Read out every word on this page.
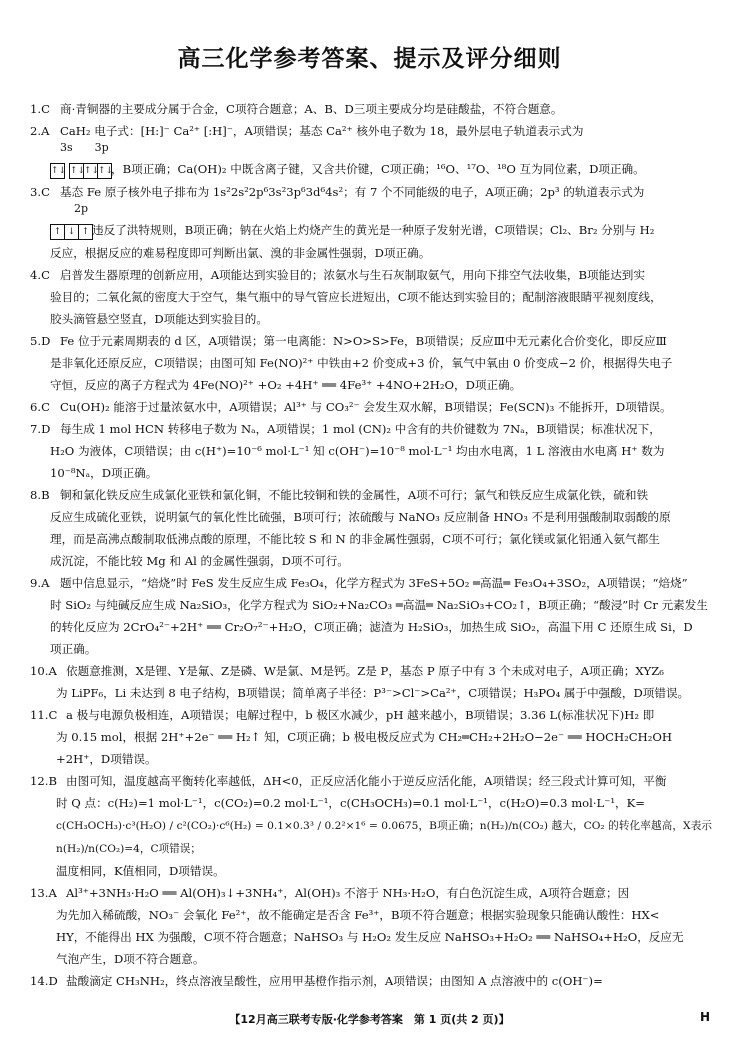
高三化学参考答案、提示及评分细则

1.C 商·青铜器的主要成分属于合金，C项符合题意；A、B、D三项主要成分均是硅酸盐，不符合题意。

2.A CaH₂ 电子式：[H:]⁻ Ca²⁺ [:H]⁻，A项错误；基态 Ca²⁺ 核外电子数为 18，最外层电子轨道表示式为
3s　　3p
↑↓ ↑↓↑↓↑↓，B项正确；Ca(OH)₂ 中既含离子键，又含共价键，C项正确；¹⁶O、¹⁷O、¹⁸O 互为同位素，D项正确。

3.C 基态 Fe 原子核外电子排布为 1s²2s²2p⁶3s²3p⁶3d⁶4s²；有 7 个不同能级的电子，A项正确；2p³ 的轨道表示式为
2p
↑ ↓ ↑ 违反了洪特规则，B项正确；钠在火焰上灼烧产生的黄光是一种原子发射光谱，C项错误；Cl₂、Br₂ 分别与 H₂
反应，根据反应的难易程度即可判断出氯、溴的非金属性强弱，D项正确。

4.C 启普发生器原理的创新应用，A项能达到实验目的；浓氨水与生石灰制取氨气，用向下排空气法收集，B项能达到实
验目的；二氧化氮的密度大于空气，集气瓶中的导气管应长进短出，C项不能达到实验目的；配制溶液眼睛平视刻度线，
胶头滴管悬空竖直，D项能达到实验目的。

5.D Fe 位于元素周期表的 d 区，A项错误；第一电离能：N>O>S>Fe，B项错误；反应Ⅲ中无元素化合价变化，即反应Ⅲ
是非氧化还原反应，C项错误；由图可知 Fe(NO)²⁺ 中铁由+2 价变成+3 价，氧气中氧由 0 价变成−2 价，根据得失电子
守恒，反应的离子方程式为 4Fe(NO)²⁺ +O₂ +4H⁺ ══ 4Fe³⁺ +4NO+2H₂O，D项正确。

6.C Cu(OH)₂ 能溶于过量浓氨水中，A项错误；Al³⁺ 与 CO₃²⁻ 会发生双水解，B项错误；Fe(SCN)₃ 不能拆开，D项错误。

7.D 每生成 1 mol HCN 转移电子数为 Nₐ，A项错误；1 mol (CN)₂ 中含有的共价键数为 7Nₐ，B项错误；标准状况下，
H₂O 为液体，C项错误；由 c(H⁺)=10⁻⁶ mol·L⁻¹ 知 c(OH⁻)=10⁻⁸ mol·L⁻¹ 均由水电离，1 L 溶液由水电离 H⁺ 数为
10⁻⁸Nₐ，D项正确。

8.B 铜和氯化铁反应生成氯化亚铁和氯化铜，不能比较铜和铁的金属性，A项不可行；氯气和铁反应生成氯化铁，硫和铁
反应生成硫化亚铁，说明氯气的氧化性比硫强，B项可行；浓硫酸与 NaNO₃ 反应制备 HNO₃ 不是利用强酸制取弱酸的原
理，而是高沸点酸制取低沸点酸的原理，不能比较 S 和 N 的非金属性强弱，C项不可行；氯化镁或氯化铝通入氨气都生
成沉淀，不能比较 Mg 和 Al 的金属性强弱，D项不可行。

9.A 题中信息显示，“焙烧”时 FeS 发生反应生成 Fe₃O₄，化学方程式为 3FeS+5O₂ ═高温═ Fe₃O₄+3SO₂，A项错误；“焙烧”
时 SiO₂ 与纯碱反应生成 Na₂SiO₃，化学方程式为 SiO₂+Na₂CO₃ ═高温═ Na₂SiO₃+CO₂↑，B项正确；“酸浸”时 Cr 元素发生
的转化反应为 2CrO₄²⁻+2H⁺ ══ Cr₂O₇²⁻+H₂O，C项正确；滤渣为 H₂SiO₃，加热生成 SiO₂，高温下用 C 还原生成 Si，D
项正确。

10.A 依题意推测，X是锂、Y是氟、Z是磷、W是氯、M是钙。Z是 P，基态 P 原子中有 3 个未成对电子，A项正确；XYZ₆
为 LiPF₆，Li 未达到 8 电子结构，B项错误；简单离子半径：P³⁻>Cl⁻>Ca²⁺，C项错误；H₃PO₄ 属于中强酸，D项错误。

11.C a 极与电源负极相连，A项错误；电解过程中，b 极区水减少，pH 越来越小，B项错误；3.36 L(标准状况下)H₂ 即
为 0.15 mol，根据 2H⁺+2e⁻ ══ H₂↑ 知，C项正确；b 极电极反应式为 CH₂═CH₂+2H₂O−2e⁻ ══ HOCH₂CH₂OH
+2H⁺，D项错误。

12.B 由图可知，温度越高平衡转化率越低，ΔH<0，正反应活化能小于逆反应活化能，A项错误；经三段式计算可知，平衡
时 Q 点：c(H₂)=1 mol·L⁻¹，c(CO₂)=0.2 mol·L⁻¹，c(CH₃OCH₃)=0.1 mol·L⁻¹，c(H₂O)=0.3 mol·L⁻¹，K=
c(CH₃OCH₃)·c³(H₂O) / c²(CO₂)·c⁶(H₂) = 0.1×0.3³ / 0.2²×1⁶ = 0.0675，B项正确；n(H₂)/n(CO₂) 越大，CO₂ 的转化率越高，X表示 n(H₂)/n(CO₂)=4，C项错误；
温度相同，K值相同，D项错误。

13.A Al³⁺+3NH₃·H₂O ══ Al(OH)₃↓+3NH₄⁺，Al(OH)₃ 不溶于 NH₃·H₂O，有白色沉淀生成，A项符合题意；因
为先加入稀硫酸，NO₃⁻ 会氧化 Fe²⁺，故不能确定是否含 Fe³⁺，B项不符合题意；根据实验现象只能确认酸性：HX<
HY，不能得出 HX 为强酸，C项不符合题意；NaHSO₃ 与 H₂O₂ 发生反应 NaHSO₃+H₂O₂ ══ NaHSO₄+H₂O，反应无
气泡产生，D项不符合题意。

14.D 盐酸滴定 CH₃NH₂，终点溶液呈酸性，应用甲基橙作指示剂，A项错误；由图知 A 点溶液中的 c(OH⁻)=

【12月高三联考专版·化学参考答案　第 1 页(共 2 页)】	H
